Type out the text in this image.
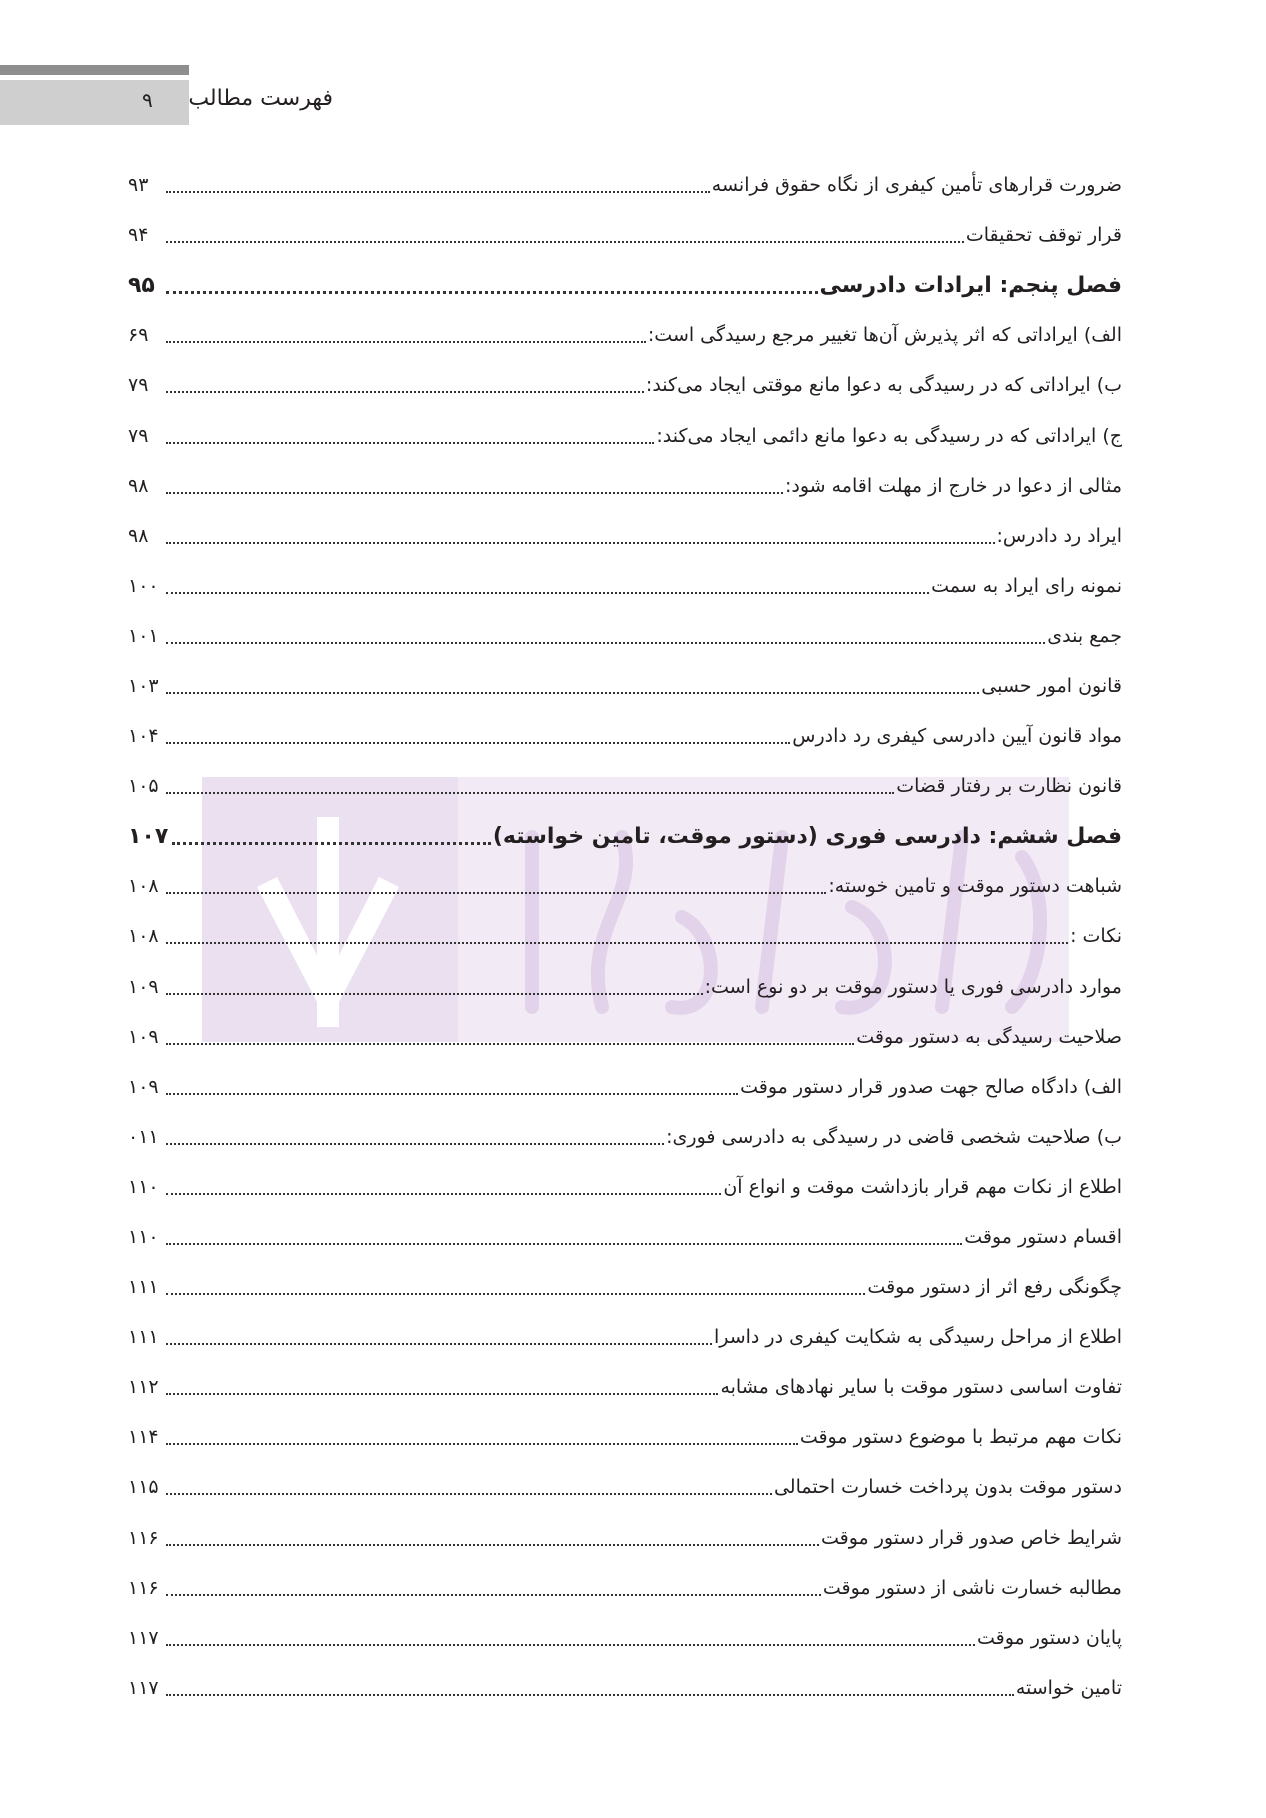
۹ فهرست مطالب
ضرورت قرارهای تأمین کیفری از نگاه حقوق فرانسه
۹۳
قرار توقف تحقیقات
۹۴
فصل پنجم: ایرادات دادرسی
۹۵
الف) ایراداتی که اثر پذیرش آن‌ها تغییر مرجع رسیدگی است:
۶۹
ب) ایراداتی که در رسیدگی به دعوا مانع موقتی ایجاد می‌کند:
۷۹
ج) ایراداتی که در رسیدگی به دعوا مانع دائمی ایجاد می‌کند:
۷۹
مثالی از دعوا در خارج از مهلت اقامه شود:
۹۸
ایراد رد دادرس:
۹۸
نمونه رای ایراد به سمت
۱۰۰
جمع بندی
۱۰۱
قانون امور حسبی
۱۰۳
مواد قانون آیین دادرسی کیفری رد دادرس
۱۰۴
قانون نظارت بر رفتار قضات
۱۰۵
فصل ششم: دادرسی فوری (دستور موقت، تامین خواسته)
۱۰۷
شباهت دستور موقت و تامین خوسته:
۱۰۸
نکات :
۱۰۸
موارد دادرسی فوری یا دستور موقت بر دو نوع است:
۱۰۹
صلاحیت رسیدگی به دستور موقت
۱۰۹
الف) دادگاه صالح جهت صدور قرار دستور موقت
۱۰۹
ب) صلاحیت شخصی قاضی در رسیدگی به دادرسی فوری:
۰۱۱
اطلاع از نکات مهم قرار بازداشت موقت و انواع آن
۱۱۰
اقسام دستور موقت
۱۱۰
چگونگی رفع اثر از دستور موقت
۱۱۱
اطلاع از مراحل رسیدگی به شکایت کیفری در داسرا
۱۱۱
تفاوت اساسی دستور موقت با سایر نهادهای مشابه
۱۱۲
نکات مهم مرتبط با موضوع دستور موقت
۱۱۴
دستور موقت بدون پرداخت خسارت احتمالی
۱۱۵
شرایط خاص صدور قرار دستور موقت
۱۱۶
مطالبه خسارت ناشی از دستور موقت
۱۱۶
پایان دستور موقت
۱۱۷
تامین خواسته
۱۱۷
